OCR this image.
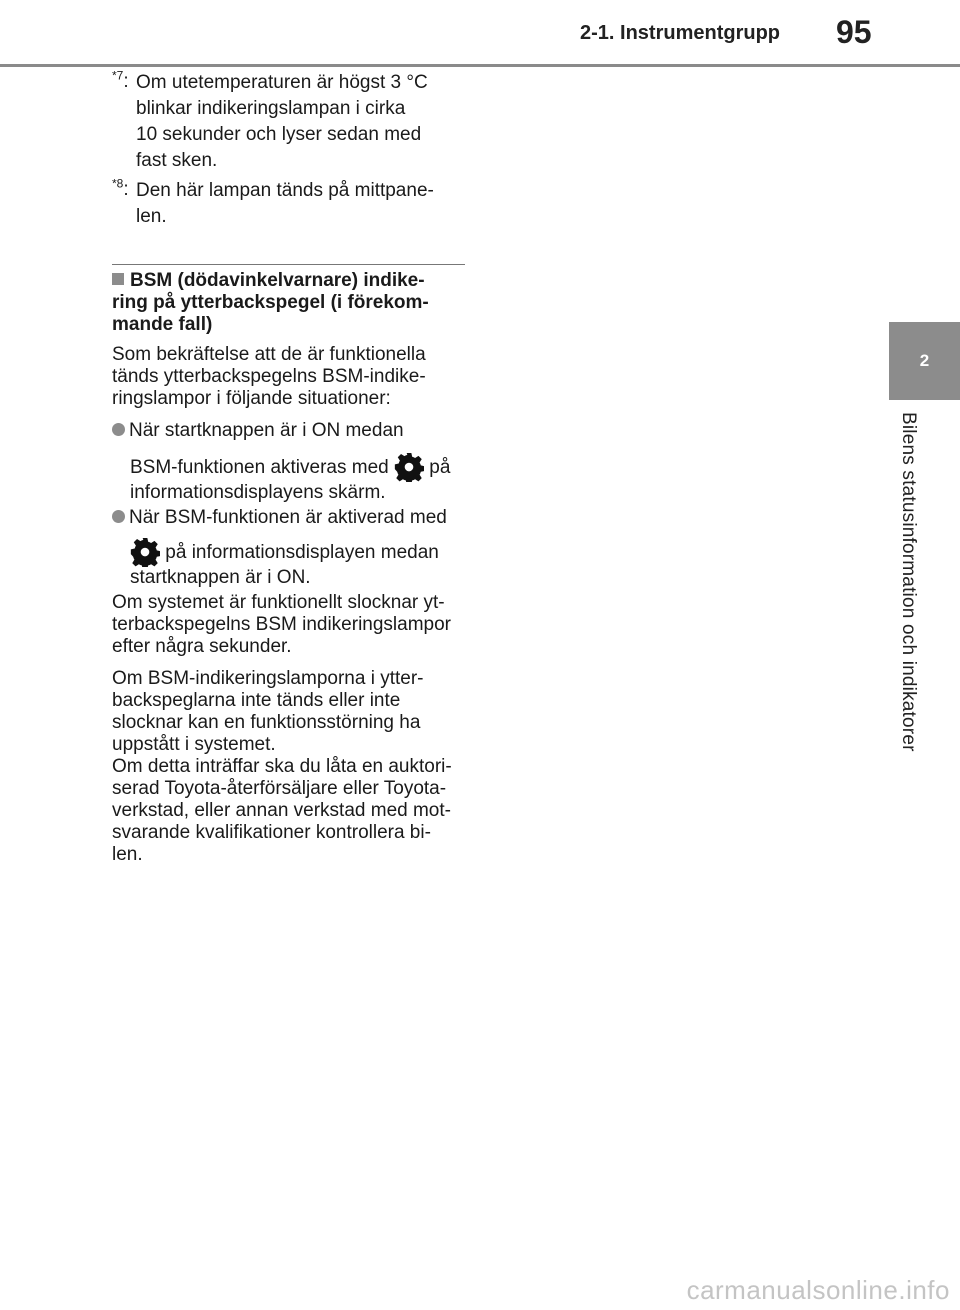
2-1. Instrumentgrupp 95
2
Bilens statusinformation och indikatorer
$^{*7}$: Om utetemperaturen är högst 3 °C
blinkar indikeringslampan i cirka
10 sekunder och lyser sedan med
fast sken.
$^{*8}$: Den här lampan tänds på mittpane-
len.
BSM (dödavinkelvarnare) indike-
ring på ytterbackspegel (i förekom-
mande fall)
Som bekräftelse att de är funktionella
tänds ytterbackspegelns BSM-indike-
ringslampor i följande situationer:
När startknappen är i ON medan
BSM-funktionen aktiveras med på
informationsdisplayens skärm.
När BSM-funktionen är aktiverad med
på informationsdisplayen medan
startknappen är i ON.
Om systemet är funktionellt slocknar yt-
terbackspegelns BSM indikeringslampor
efter några sekunder.
Om BSM-indikeringslamporna i ytter-
backspeglarna inte tänds eller inte
slocknar kan en funktionsstörning ha
uppstått i systemet.
Om detta inträffar ska du låta en auktori-
serad Toyota-återförsäljare eller Toyota-
verkstad, eller annan verkstad med mot-
svarande kvalifikationer kontrollera bi-
len.
carmanualsonline.info
